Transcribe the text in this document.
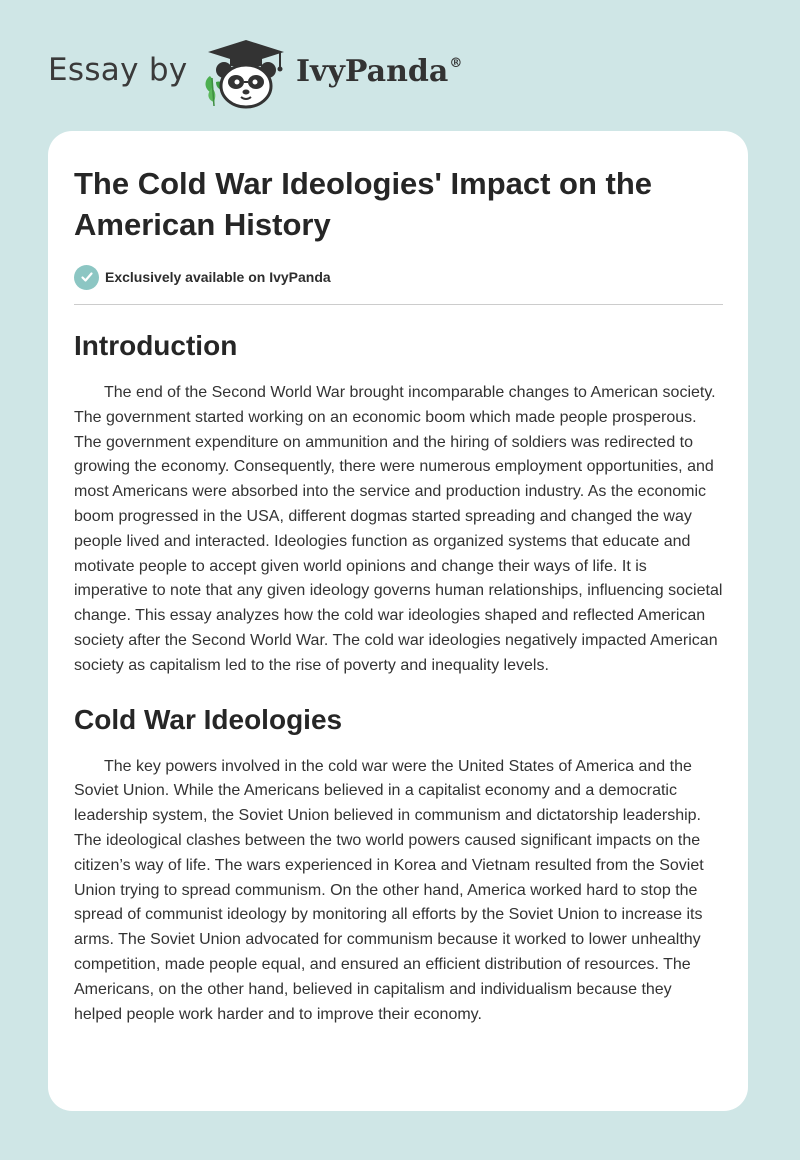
Essay by	IvyPanda®
The Cold War Ideologies' Impact on the American History
Exclusively available on IvyPanda
Introduction

The end of the Second World War brought incomparable changes to American society. The government started working on an economic boom which made people prosperous. The government expenditure on ammunition and the hiring of soldiers was redirected to growing the economy. Consequently, there were numerous employment opportunities, and most Americans were absorbed into the service and production industry. As the economic boom progressed in the USA, different dogmas started spreading and changed the way people lived and interacted. Ideologies function as organized systems that educate and motivate people to accept given world opinions and change their ways of life. It is imperative to note that any given ideology governs human relationships, influencing societal change. This essay analyzes how the cold war ideologies shaped and reflected American society after the Second World War. The cold war ideologies negatively impacted American society as capitalism led to the rise of poverty and inequality levels.

Cold War Ideologies

The key powers involved in the cold war were the United States of America and the Soviet Union. While the Americans believed in a capitalist economy and a democratic leadership system, the Soviet Union believed in communism and dictatorship leadership. The ideological clashes between the two world powers caused significant impacts on the citizen’s way of life. The wars experienced in Korea and Vietnam resulted from the Soviet Union trying to spread communism. On the other hand, America worked hard to stop the spread of communist ideology by monitoring all efforts by the Soviet Union to increase its arms. The Soviet Union advocated for communism because it worked to lower unhealthy competition, made people equal, and ensured an efficient distribution of resources. The Americans, on the other hand, believed in capitalism and individualism because they helped people work harder and to improve their economy.
